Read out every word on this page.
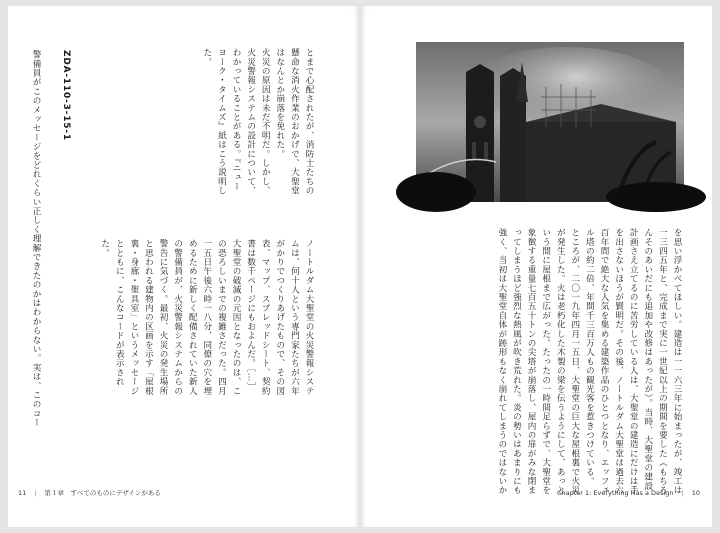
とまで心配されたが、消防士たちの懸命な消火作業のおかげで、大聖堂はなんとか崩落を免れた。
火災の原因は未だ不明だ。しかし、火災警報システムの設計について、わかっていることがある。『ニューヨーク・タイムズ』紙はこう説明した。
ノートルダム大聖堂の火災警報システムは、何十人という専門家たちが六年がかりでつくりあげたもので、その図表、マップ、スプレッドシート、契約書は数千ページにもおよんだ。［…］
大聖堂の破滅の元因となったのは、この恐ろしいまでの複雑さだった。四月一五日午後六時一八分、同僚の穴を埋めるために新しく配備されていた新人の警備員が、火災警報システムからの警告に気づく。最初、火災の発生場所と思われる建物内の区画を示す「屋根裏・身廊・聖具室」というメッセージとともに、こんなコードが表示された。
ZDA-110-3-15-1
警備員がこのメッセージをどれくらい正しく理解できたのかはわからない。実は、このコー
11 | 第１章　すべてのものにデザインがある	を思い浮かべてほしい。建造は一一六三年に始まったが、竣工は一三四五年と、完成まで実に一世紀以上の期間を要した（もちろんそのあいだにも追加や改修はあったが）。当時、大聖堂の建設計画さえ立てるのに苦労している人は、大聖堂の建造にだけは手を出さないほうが賢明だ。その後、ノートルダム大聖堂は過去六百年間で絶大な人気を集める建築作品のひとつとなり、エッフェル塔の約二倍、年間千三百万人もの観光客を惹きつけている。
ところが、二〇一九年四月一五日、大聖堂の巨大な屋根裏で火災が発生した。火は老朽化した木製の梁を伝うようにして、あっという間に屋根まで広がった。たったの一時間足らずで、大聖堂を象徴する重量七百五十トンの尖塔が崩落し、屋内の扉がみな閉まってしまうほど強烈な熱風が吹き荒れた。炎の勢いはあまりにも強く、当初は大聖堂自体が跡形もなく崩れてしまうのではないか	Chapter 1: Everything Has a Design | 10
